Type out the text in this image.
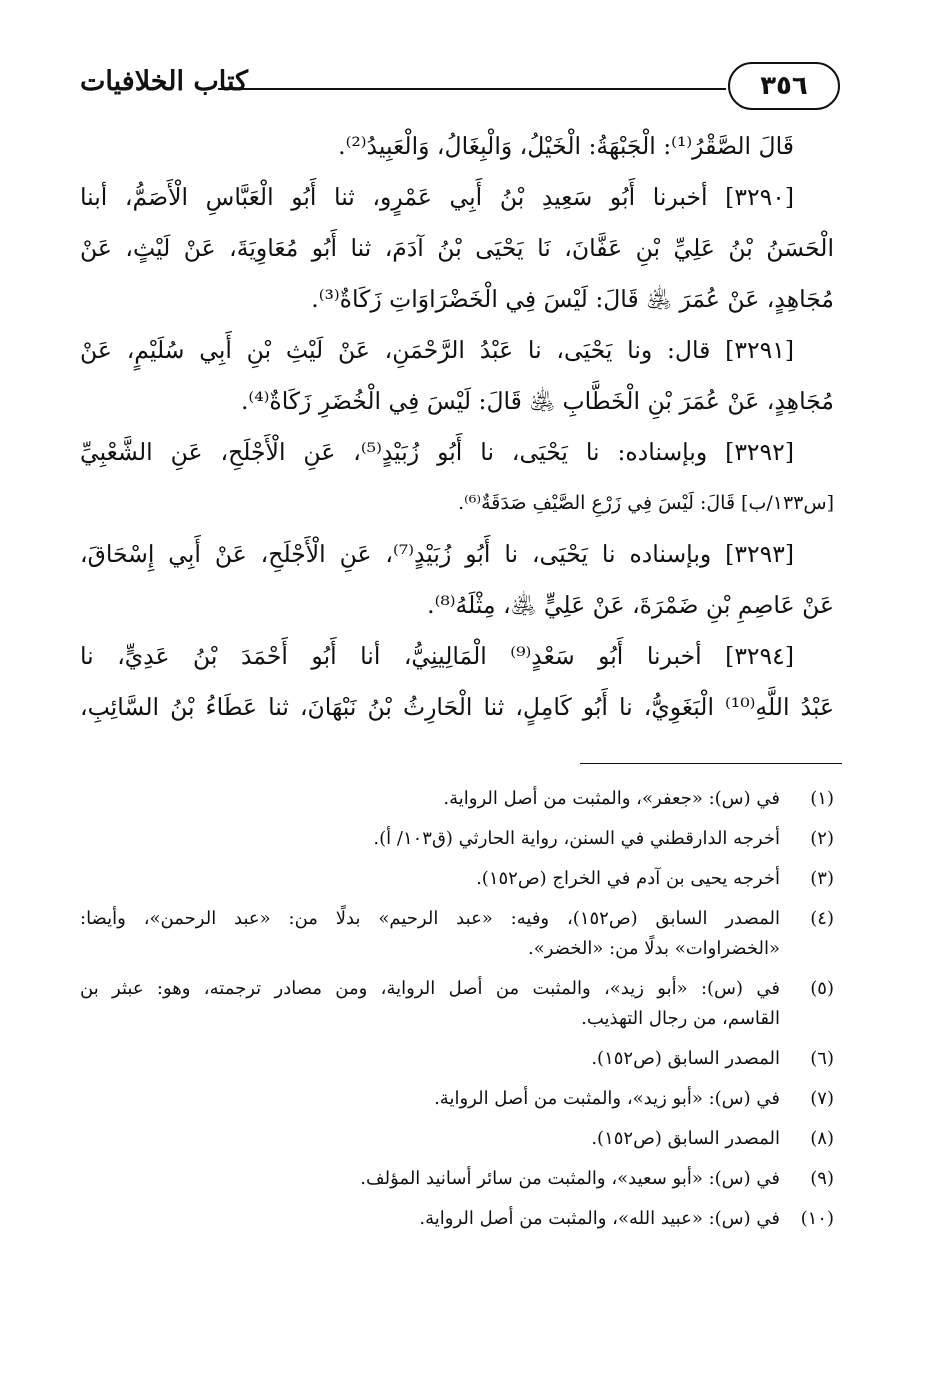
كتاب الخلافيات	٣٥٦
قَالَ الصَّقْرُ⁽¹⁾: الْجَبْهَةُ: الْخَيْلُ، وَالْبِغَالُ، وَالْعَبِيدُ⁽²⁾.
[٣٢٩٠] أخبرنا أَبُو سَعِيدِ بْنُ أَبِي عَمْرٍو، ثنا أَبُو الْعَبَّاسِ الْأَصَمُّ، أبنا
الْحَسَنُ بْنُ عَلِيِّ بْنِ عَفَّانَ، نَا يَحْيَى بْنُ آدَمَ، ثنا أَبُو مُعَاوِيَةَ، عَنْ لَيْثٍ، عَنْ
مُجَاهِدٍ، عَنْ عُمَرَ ﵁ قَالَ: لَيْسَ فِي الْخَضْرَاوَاتِ زَكَاةٌ⁽³⁾.
[٣٢٩١] قال: ونا يَحْيَى، نا عَبْدُ الرَّحْمَنِ، عَنْ لَيْثِ بْنِ أَبِي سُلَيْمٍ، عَنْ
مُجَاهِدٍ، عَنْ عُمَرَ بْنِ الْخَطَّابِ ﵁ قَالَ: لَيْسَ فِي الْخُضَرِ زَكَاةٌ⁽⁴⁾.
[٣٢٩٢] وبإسناده: نا يَحْيَى، نا أَبُو زُبَيْدٍ⁽⁵⁾، عَنِ الْأَجْلَحِ، عَنِ الشَّعْبِيِّ
[س١٣٣/ب] قَالَ: لَيْسَ فِي زَرْعِ الصَّيْفِ صَدَقَةٌ⁽⁶⁾.
[٣٢٩٣] وبإسناده نا يَحْيَى، نا أَبُو زُبَيْدٍ⁽⁷⁾، عَنِ الْأَجْلَحِ، عَنْ أَبِي إِسْحَاقَ،
عَنْ عَاصِمِ بْنِ ضَمْرَةَ، عَنْ عَلِيٍّ ﵁، مِثْلَهُ⁽⁸⁾.
[٣٢٩٤] أخبرنا أَبُو سَعْدٍ⁽⁹⁾ الْمَالِينِيُّ، أنا أَبُو أَحْمَدَ بْنُ عَدِيٍّ، نا
عَبْدُ اللَّهِ⁽¹⁰⁾ الْبَغَوِيُّ، نا أَبُو كَامِلٍ، ثنا الْحَارِثُ بْنُ نَبْهَانَ، ثنا عَطَاءُ بْنُ السَّائِبِ،
(١)
في (س): «جعفر»، والمثبت من أصل الرواية.
(٢)
أخرجه الدارقطني في السنن، رواية الحارثي (ق١٠٣/ أ).
(٣)
أخرجه يحيى بن آدم في الخراج (ص١٥٢).
(٤)
المصدر السابق (ص١٥٢)، وفيه: «عبد الرحيم» بدلًا من: «عبد الرحمن»، وأيضا:
«الخضراوات» بدلًا من: «الخضر».
(٥)
في (س): «أبو زيد»، والمثبت من أصل الرواية، ومن مصادر ترجمته، وهو: عبثر بن
القاسم، من رجال التهذيب.
(٦)
المصدر السابق (ص١٥٢).
(٧)
في (س): «أبو زيد»، والمثبت من أصل الرواية.
(٨)
المصدر السابق (ص١٥٢).
(٩)
في (س): «أبو سعيد»، والمثبت من سائر أسانيد المؤلف.
(١٠)
في (س): «عبيد الله»، والمثبت من أصل الرواية.
